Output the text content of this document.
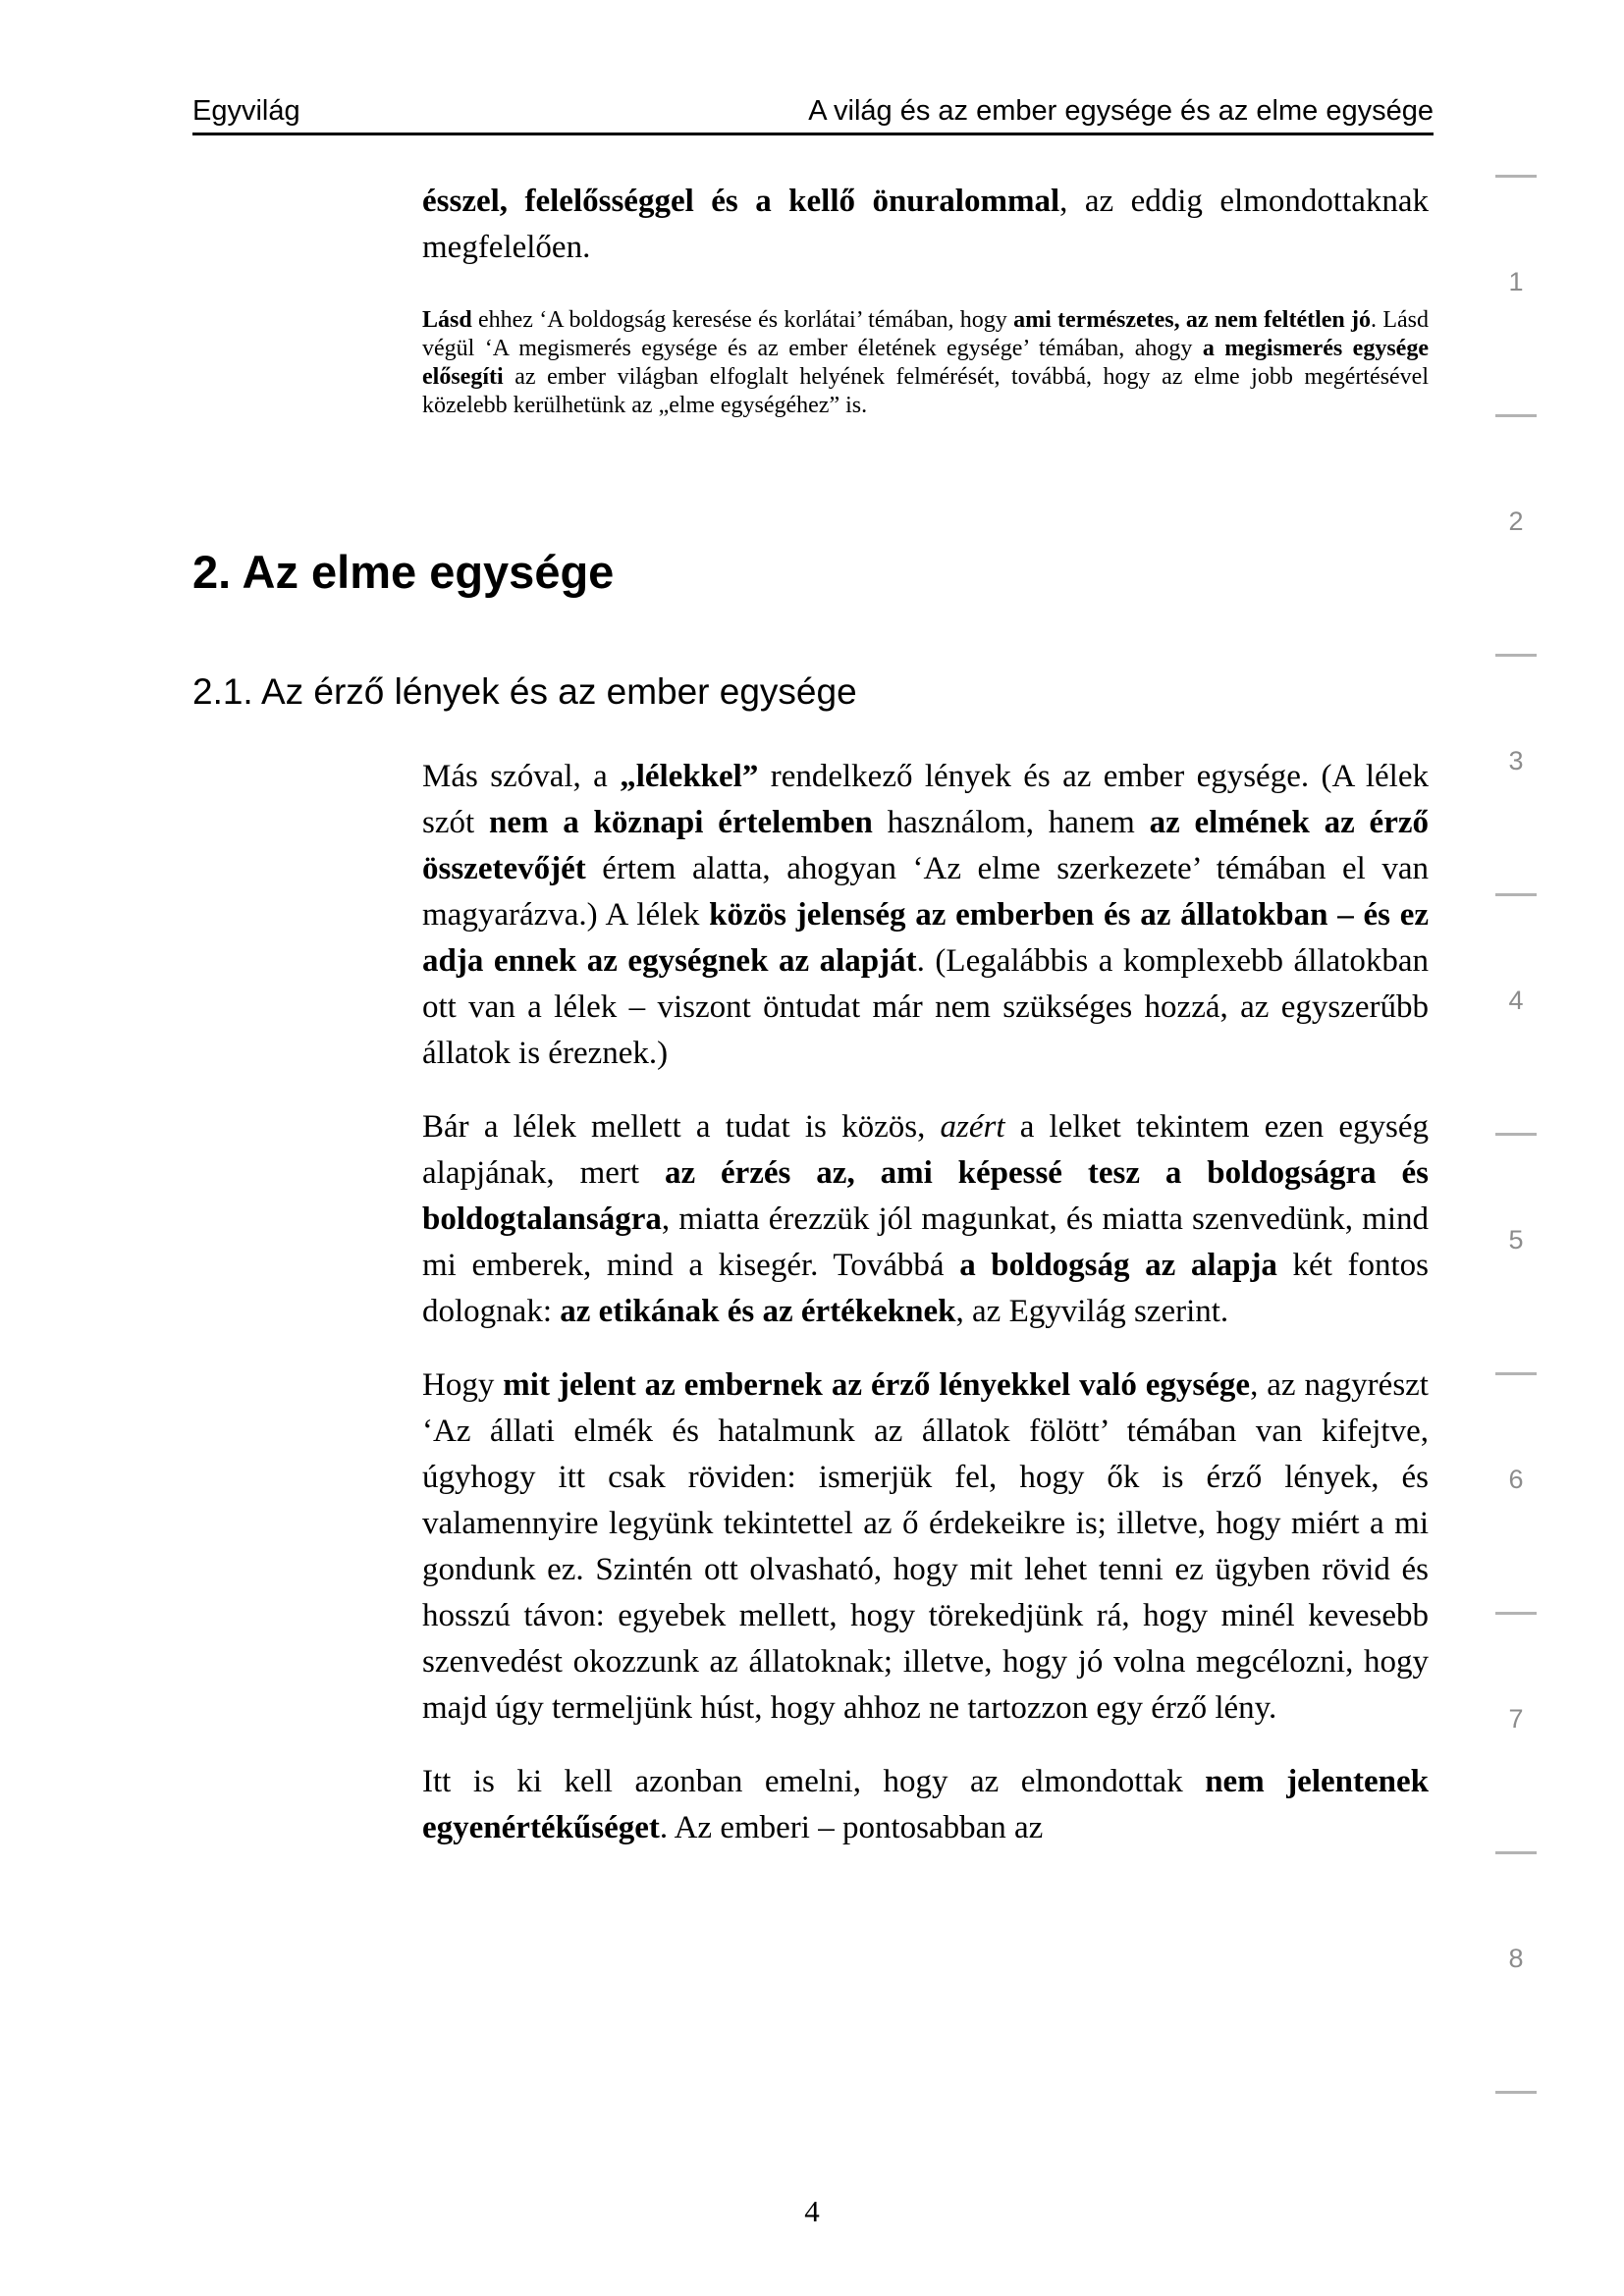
Egyvilág	A világ és az ember egysége és az elme egysége

ésszel, felelősséggel és a kellő önuralommal, az eddig elmondottaknak megfelelően.

Lásd ehhez ‘A boldogság keresése és korlátai’ témában, hogy ami természetes, az nem feltétlen jó. Lásd végül ‘A megismerés egysége és az ember életének egysége’ témában, ahogy a megismerés egysége elősegíti az ember világban elfoglalt helyének felmérését, továbbá, hogy az elme jobb megértésével közelebb kerülhetünk az „elme egységéhez” is.

2. Az elme egysége
2.1. Az érző lények és az ember egysége

Más szóval, a „lélekkel” rendelkező lények és az ember egysége. (A lélek szót nem a köznapi értelemben használom, hanem az elmének az érző összetevőjét értem alatta, ahogyan ‘Az elme szerkezete’ témában el van magyarázva.) A lélek közös jelenség az emberben és az állatokban – és ez adja ennek az egységnek az alapját. (Legalábbis a komplexebb állatokban ott van a lélek – viszont öntudat már nem szükséges hozzá, az egyszerűbb állatok is éreznek.)

Bár a lélek mellett a tudat is közös, azért a lelket tekintem ezen egység alapjának, mert az érzés az, ami képessé tesz a boldogságra és boldogtalanságra, miatta érezzük jól magunkat, és miatta szenvedünk, mind mi emberek, mind a kisegér. Továbbá a boldogság az alapja két fontos dolognak: az etikának és az értékeknek, az Egyvilág szerint.

Hogy mit jelent az embernek az érző lényekkel való egysége, az nagyrészt ‘Az állati elmék és hatalmunk az állatok fölött’ témában van kifejtve, úgyhogy itt csak röviden: ismerjük fel, hogy ők is érző lények, és valamennyire legyünk tekintettel az ő érdekeikre is; illetve, hogy miért a mi gondunk ez. Szintén ott olvasható, hogy mit lehet tenni ez ügyben rövid és hosszú távon: egyebek mellett, hogy törekedjünk rá, hogy minél kevesebb szenvedést okozzunk az állatoknak; illetve, hogy jó volna megcélozni, hogy majd úgy termeljünk húst, hogy ahhoz ne tartozzon egy érző lény.

Itt is ki kell azonban emelni, hogy az elmondottak nem jelentenek egyenértékűséget. Az emberi – pontosabban az

1
2
3
4
5
6
7
8
4
